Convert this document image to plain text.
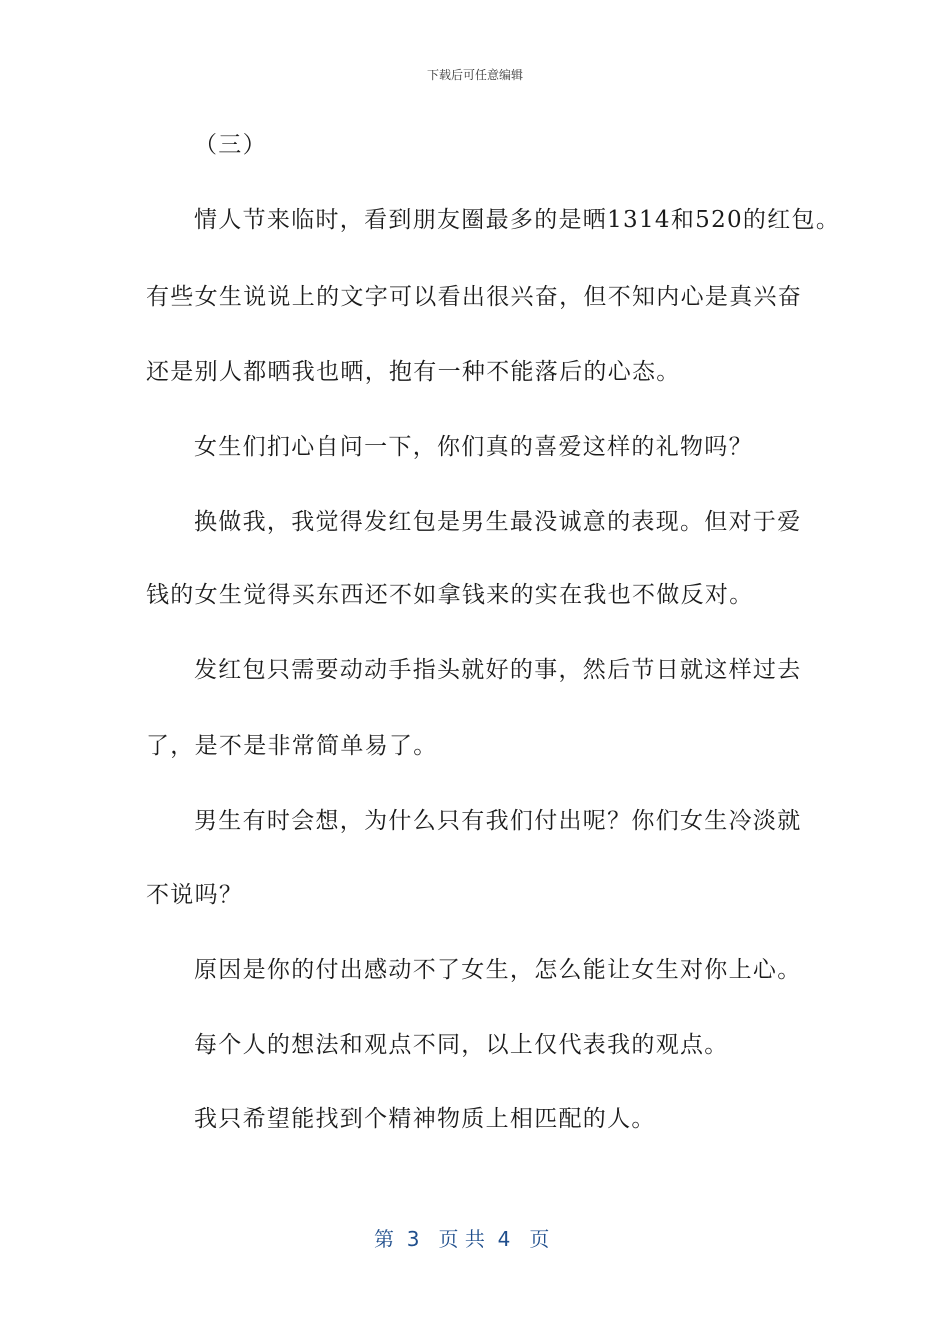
下载后可任意编辑
（三）
情人节来临时，看到朋友圈最多的是晒1314和520的红包。
有些女生说说上的文字可以看出很兴奋，但不知内心是真兴奋
还是别人都晒我也晒，抱有一种不能落后的心态。
女生们扪心自问一下，你们真的喜爱这样的礼物吗？
换做我，我觉得发红包是男生最没诚意的表现。但对于爱
钱的女生觉得买东西还不如拿钱来的实在我也不做反对。
发红包只需要动动手指头就好的事，然后节日就这样过去
了，是不是非常简单易了。
男生有时会想，为什么只有我们付出呢？你们女生冷淡就
不说吗？
原因是你的付出感动不了女生，怎么能让女生对你上心。
每个人的想法和观点不同，以上仅代表我的观点。
我只希望能找到个精神物质上相匹配的人。
第  3   页 共  4   页
